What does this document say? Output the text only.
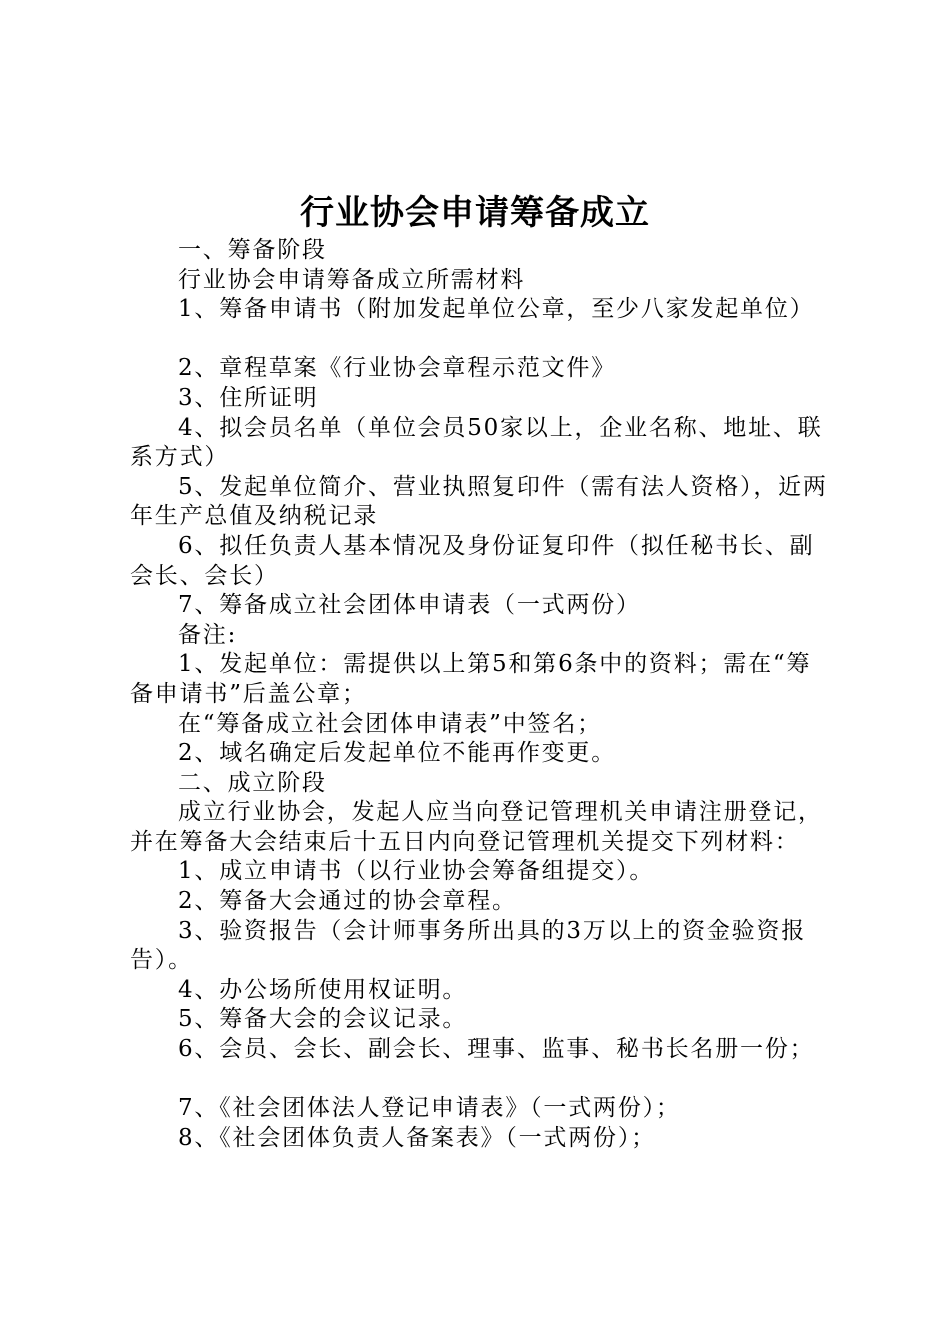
行业协会申请筹备成立

一、筹备阶段

行业协会申请筹备成立所需材料

1、筹备申请书（附加发起单位公章，至少八家发起单位）

2、章程草案《行业协会章程示范文件》

3、住所证明

4、拟会员名单（单位会员50家以上，企业名称、地址、联系方式）

5、发起单位简介、营业执照复印件（需有法人资格），近两年生产总值及纳税记录

6、拟任负责人基本情况及身份证复印件（拟任秘书长、副会长、会长）

7、筹备成立社会团体申请表（一式两份）

备注:

1、发起单位：需提供以上第5和第6条中的资料；需在“筹备申请书”后盖公章；

在“筹备成立社会团体申请表”中签名；

2、域名确定后发起单位不能再作变更。

二、成立阶段

成立行业协会，发起人应当向登记管理机关申请注册登记，并在筹备大会结束后十五日内向登记管理机关提交下列材料：

1、成立申请书（以行业协会筹备组提交）。

2、筹备大会通过的协会章程。

3、验资报告（会计师事务所出具的3万以上的资金验资报告）。

4、办公场所使用权证明。

5、筹备大会的会议记录。

6、会员、会长、副会长、理事、监事、秘书长名册一份；

7、《社会团体法人登记申请表》（一式两份）；

8、《社会团体负责人备案表》（一式两份）；
